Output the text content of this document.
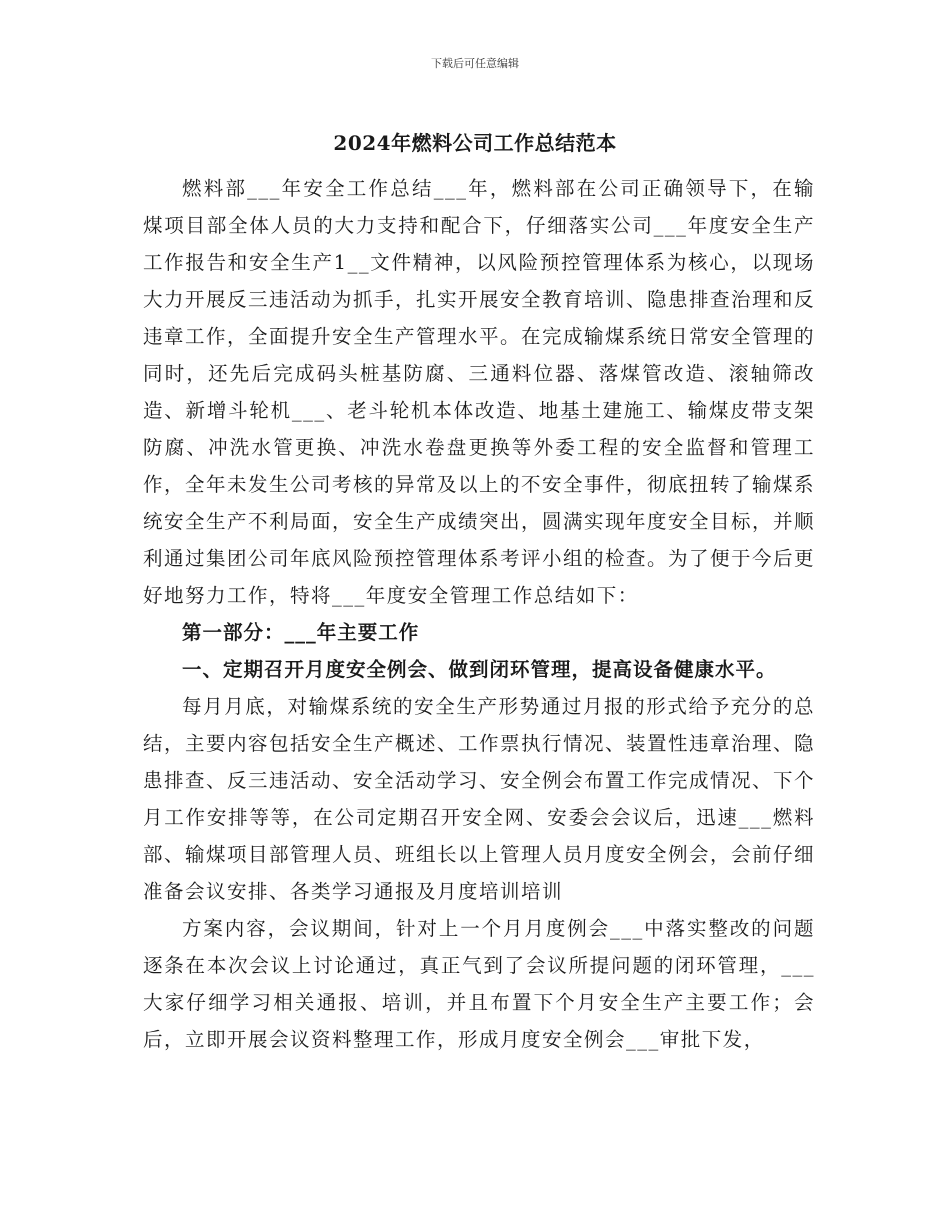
下载后可任意编辑
2024年燃料公司工作总结范本

燃料部___年安全工作总结___年，燃料部在公司正确领导下，在输煤项目部全体人员的大力支持和配合下，仔细落实公司___年度安全生产工作报告和安全生产1__文件精神，以风险预控管理体系为核心，以现场大力开展反三违活动为抓手，扎实开展安全教育培训、隐患排查治理和反违章工作，全面提升安全生产管理水平。在完成输煤系统日常安全管理的同时，还先后完成码头桩基防腐、三通料位器、落煤管改造、滚轴筛改造、新增斗轮机___、老斗轮机本体改造、地基土建施工、输煤皮带支架防腐、冲洗水管更换、冲洗水卷盘更换等外委工程的安全监督和管理工作，全年未发生公司考核的异常及以上的不安全事件，彻底扭转了输煤系统安全生产不利局面，安全生产成绩突出，圆满实现年度安全目标，并顺利通过集团公司年底风险预控管理体系考评小组的检查。为了便于今后更好地努力工作，特将___年度安全管理工作总结如下：

第一部分：___年主要工作

一、定期召开月度安全例会、做到闭环管理，提高设备健康水平。

每月月底，对输煤系统的安全生产形势通过月报的形式给予充分的总结，主要内容包括安全生产概述、工作票执行情况、装置性违章治理、隐患排查、反三违活动、安全活动学习、安全例会布置工作完成情况、下个月工作安排等等，在公司定期召开安全网、安委会会议后，迅速___燃料部、输煤项目部管理人员、班组长以上管理人员月度安全例会，会前仔细准备会议安排、各类学习通报及月度培训培训

方案内容，会议期间，针对上一个月月度例会___中落实整改的问题逐条在本次会议上讨论通过，真正气到了会议所提问题的闭环管理，___大家仔细学习相关通报、培训，并且布置下个月安全生产主要工作；会后，立即开展会议资料整理工作，形成月度安全例会___审批下发，
